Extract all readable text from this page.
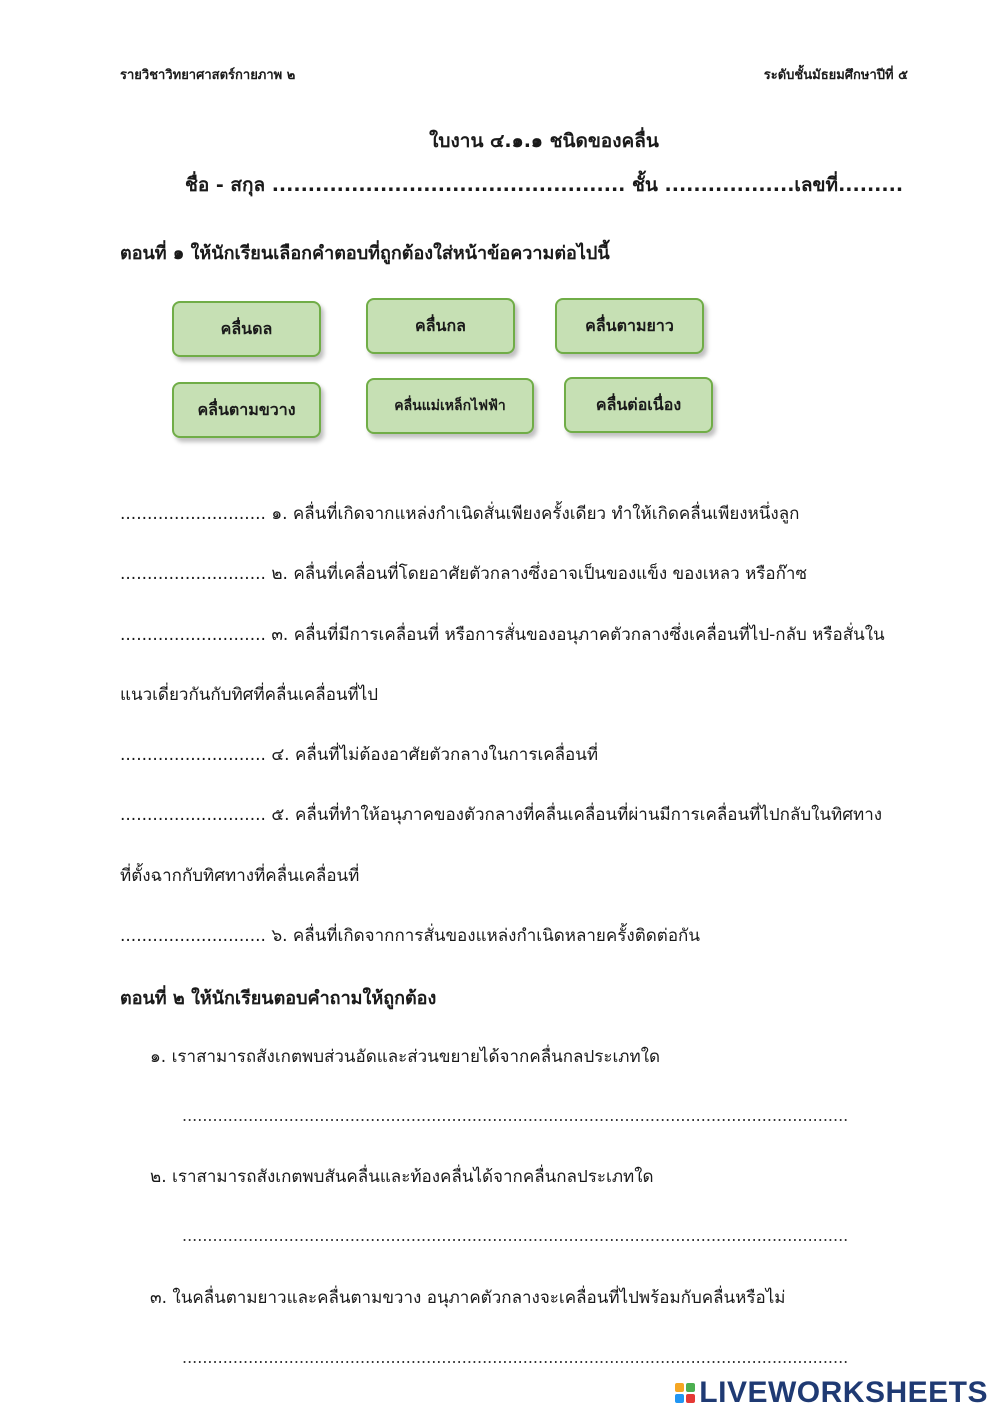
รายวิชาวิทยาศาสตร์กายภาพ ๒	ระดับชั้นมัธยมศึกษาปีที่ ๕
ใบงาน ๔.๑.๑ ชนิดของคลื่น
ชื่อ - สกุล ................................................. ชั้น ..................เลขที่.........
ตอนที่ ๑ ให้นักเรียนเลือกคำตอบที่ถูกต้องใส่หน้าข้อความต่อไปนี้
คลื่นดล	คลื่นกล	คลื่นตามยาว
คลื่นตามขวาง	คลื่นแม่เหล็กไฟฟ้า	คลื่นต่อเนื่อง
........................... ๑. คลื่นที่เกิดจากแหล่งกำเนิดสั่นเพียงครั้งเดียว ทำให้เกิดคลื่นเพียงหนึ่งลูก
........................... ๒. คลื่นที่เคลื่อนที่โดยอาศัยตัวกลางซึ่งอาจเป็นของแข็ง ของเหลว หรือก๊าซ
........................... ๓. คลื่นที่มีการเคลื่อนที่ หรือการสั่นของอนุภาคตัวกลางซึ่งเคลื่อนที่ไป-กลับ หรือสั่นใน
แนวเดี่ยวกันกับทิศที่คลื่นเคลื่อนที่ไป
........................... ๔. คลื่นที่ไม่ต้องอาศัยตัวกลางในการเคลื่อนที่
........................... ๕. คลื่นที่ทำให้อนุภาคของตัวกลางที่คลื่นเคลื่อนที่ผ่านมีการเคลื่อนที่ไปกลับในทิศทาง
ที่ตั้งฉากกับทิศทางที่คลื่นเคลื่อนที่
........................... ๖. คลื่นที่เกิดจากการสั่นของแหล่งกำเนิดหลายครั้งติดต่อกัน
ตอนที่ ๒ ให้นักเรียนตอบคำถามให้ถูกต้อง
๑. เราสามารถสังเกตพบส่วนอัดและส่วนขยายได้จากคลื่นกลประเภทใด
...................................................................................................................................
๒. เราสามารถสังเกตพบสันคลื่นและท้องคลื่นได้จากคลื่นกลประเภทใด
...................................................................................................................................
๓. ในคลื่นตามยาวและคลื่นตามขวาง อนุภาคตัวกลางจะเคลื่อนที่ไปพร้อมกับคลื่นหรือไม่
...................................................................................................................................
LIVEWORKSHEETS
